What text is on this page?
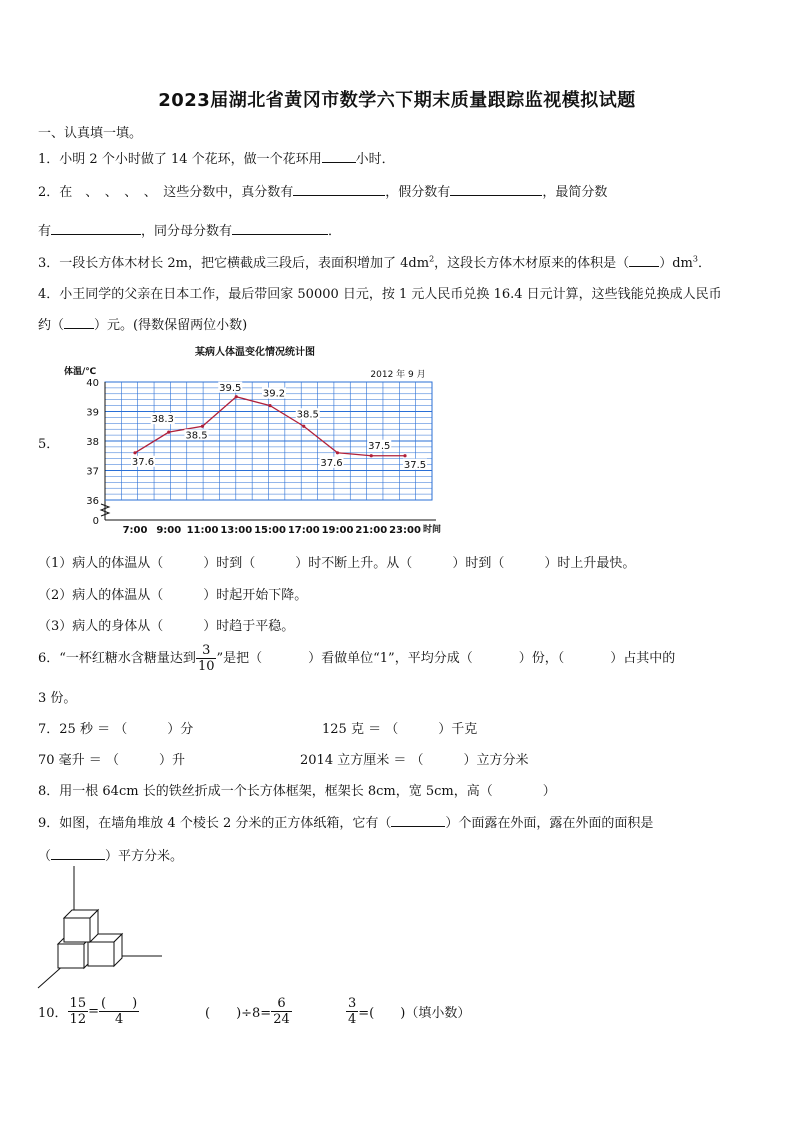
2023届湖北省黄冈市数学六下期末质量跟踪监视模拟试题
一、认真填一填。
1．小明 2 个小时做了 14 个花环，做一个花环用	小时．
2．在　、　、　、　、　这些分数中，真分数有	，假分数有	，最简分数
有	，同分母分数有	．
3．一段长方体木材长 2m，把它横截成三段后，表面积增加了 $4dm^2$，这段长方体木材原来的体积是（ ）$dm^3$．
4．小王同学的父亲在日本工作，最后带回家 50000 日元，按 1 元人民币兑换 16.4 日元计算，这些钱能兑换成人民币
约（ ）元。(得数保留两位小数)
5．
某病人体温变化情况统计图
2012 年 9 月
体温/℃
时间
40
39
38
37
36
0
7:00 9:00 11:00 13:00 15:00 17:00 19:00 21:00 23:00
37.6
38.3
38.5
39.5
39.2
38.5
37.6
37.5
37.5
（1）病人的体温从（	）时到（	）时不断上升。从（	）时到（	）时上升最快。
（2）病人的体温从（	）时起开始下降。
（3）病人的身体从（	）时趋于平稳。
6．“一杯红糖水含糖量达到 $\frac{3}{10}$ ”是把（	）看做单位“1”，平均分成（	）份，（	）占其中的
3 份。
7．25 秒 ＝ （	）分	125 克 ＝ （	）千克
70 毫升 ＝ （	）升	2014 立方厘米 ＝ （	）立方分米
8．用一根 64cm 长的铁丝折成一个长方体框架，框架长 8cm，宽 5cm，高（	）
9．如图，在墙角堆放 4 个棱长 2 分米的正方体纸箱，它有（	）个面露在外面，露在外面的面积是
（	）平方分米。
10． $\frac{15}{12} = \frac{( )}{4}$	(　　)$\div 8= \frac{6}{24}$	$\frac{3}{4}$ =(　　)（填小数）
